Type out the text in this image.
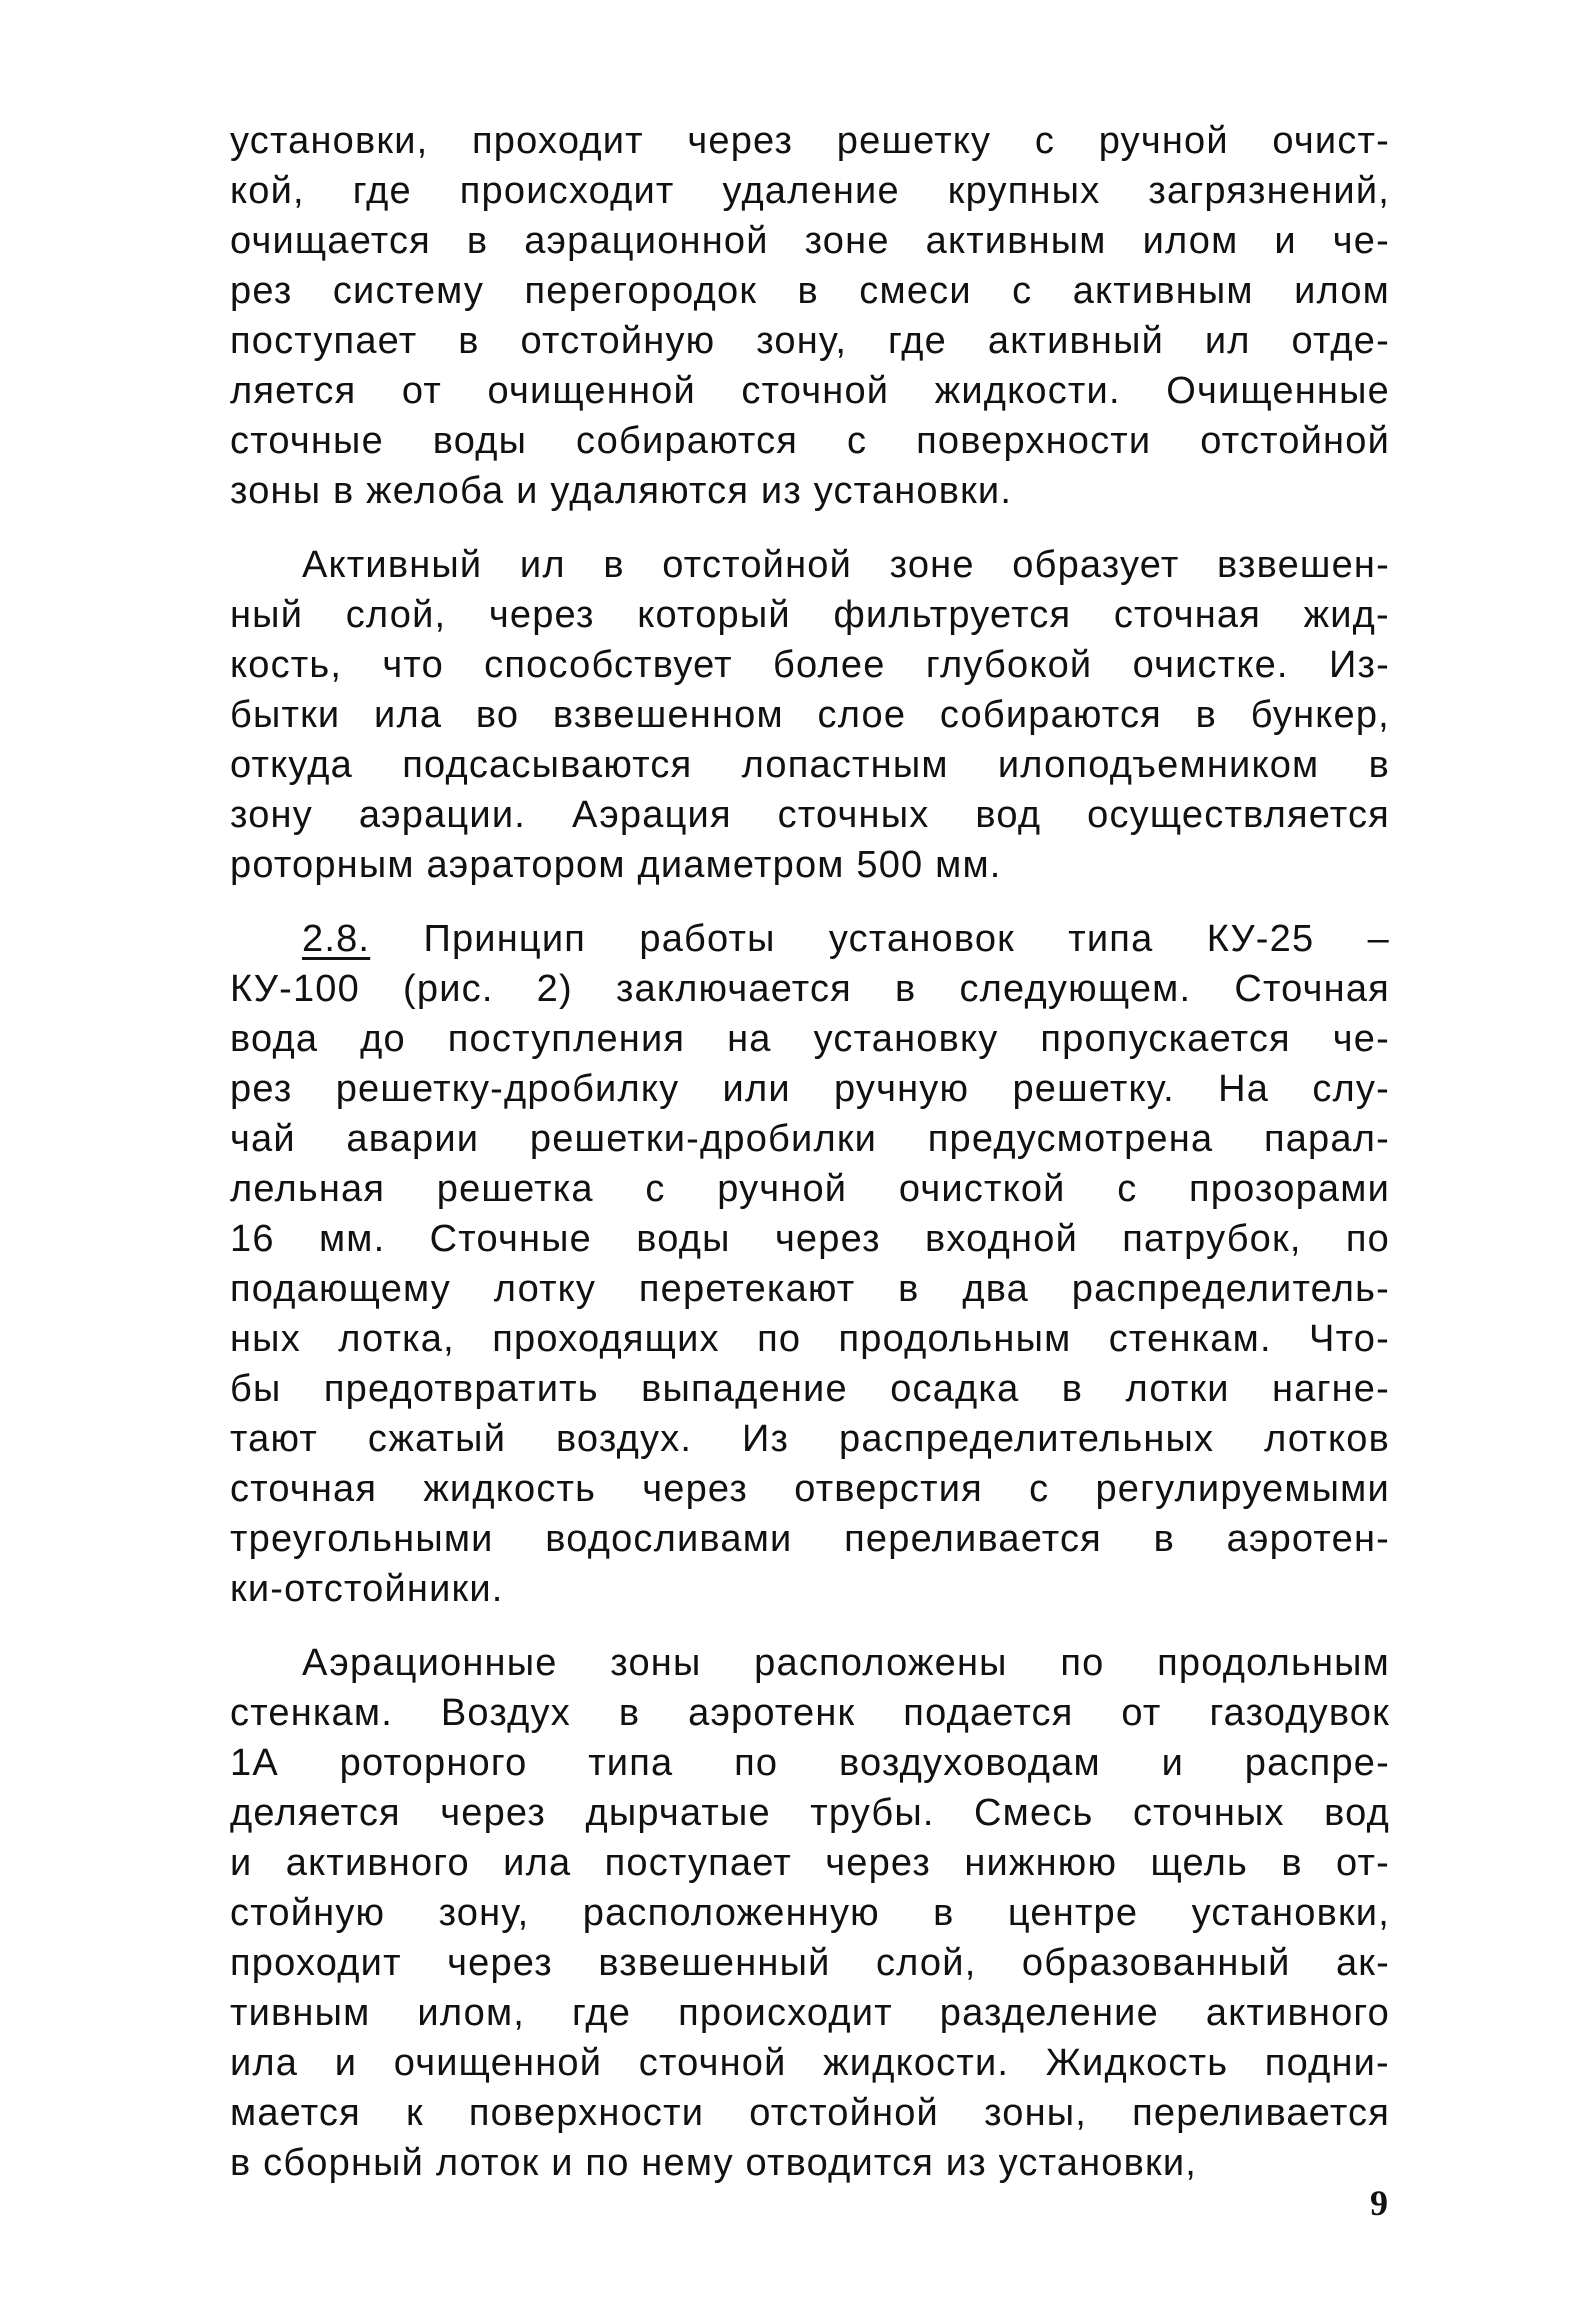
установки, проходит через решетку с ручной очист-
кой, где происходит удаление крупных загрязнений,
очищается в аэрационной зоне активным илом и че-
рез систему перегородок в смеси с активным илом
поступает в отстойную зону, где активный ил отде-
ляется от очищенной сточной жидкости. Очищенные
сточные воды собираются с поверхности отстойной
зоны в желоба и удаляются из установки.
Активный ил в отстойной зоне образует взвешен-
ный слой, через который фильтруется сточная жид-
кость, что способствует более глубокой очистке. Из-
бытки ила во взвешенном слое собираются в бункер,
откуда подсасываются лопастным илоподъемником в
зону аэрации. Аэрация сточных вод осуществляется
роторным аэратором диаметром 500 мм.
2.8. Принцип работы установок типа КУ-25 –
КУ-100 (рис. 2) заключается в следующем. Сточная
вода до поступления на установку пропускается че-
рез решетку-дробилку или ручную решетку. На слу-
чай аварии решетки-дробилки предусмотрена парал-
лельная решетка с ручной очисткой с прозорами
16 мм. Сточные воды через входной патрубок, по
подающему лотку перетекают в два распределитель-
ных лотка, проходящих по продольным стенкам. Что-
бы предотвратить выпадение осадка в лотки нагне-
тают сжатый воздух. Из распределительных лотков
сточная жидкость через отверстия с регулируемыми
треугольными водосливами переливается в аэротен-
ки-отстойники.
Аэрационные зоны расположены по продольным
стенкам. Воздух в аэротенк подается от газодувок
1А роторного типа по воздуховодам и распре-
деляется через дырчатые трубы. Смесь сточных вод
и активного ила поступает через нижнюю щель в от-
стойную зону, расположенную в центре установки,
проходит через взвешенный слой, образованный ак-
тивным илом, где происходит разделение активного
ила и очищенной сточной жидкости. Жидкость подни-
мается к поверхности отстойной зоны, переливается
в сборный лоток и по нему отводится из установки,
9
